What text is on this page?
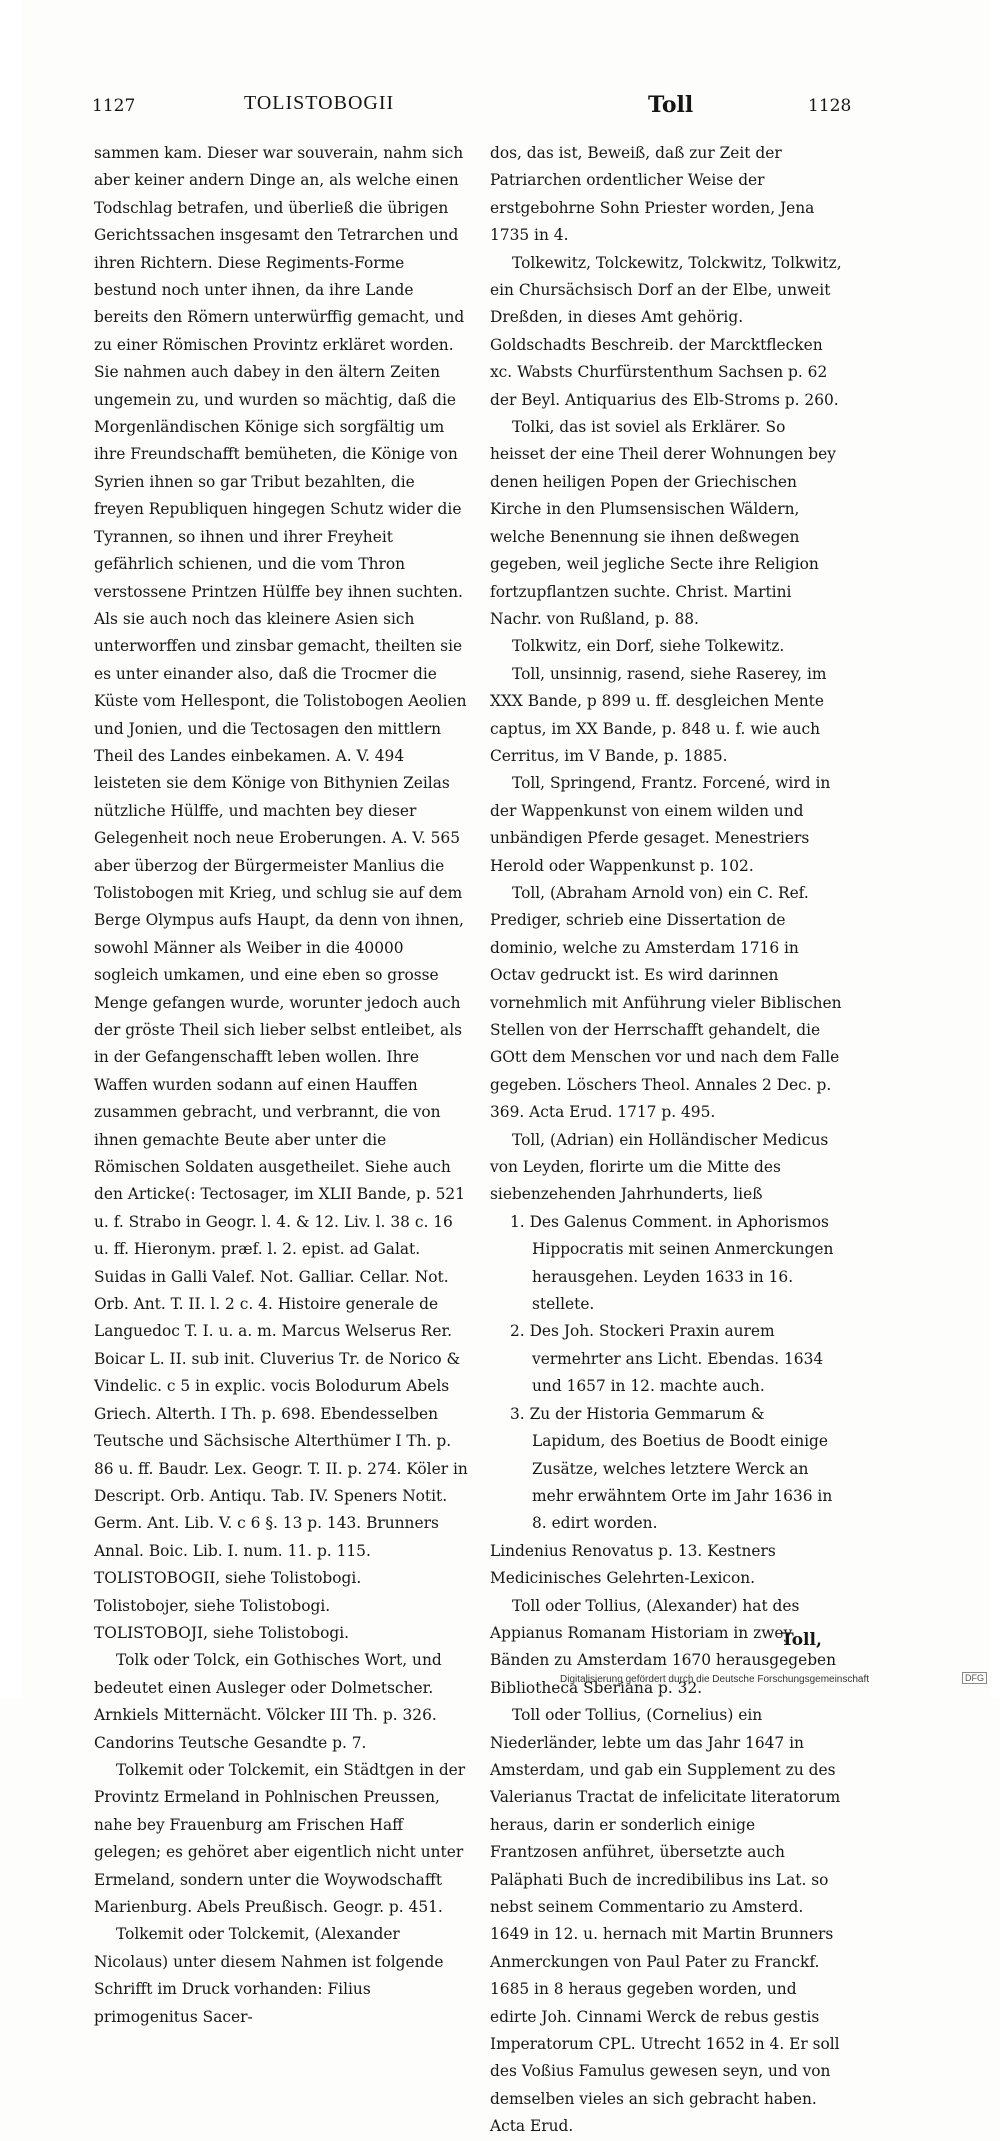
1127	TOLISTOBOGII	Toll	1128

sammen kam. Dieser war souverain, nahm sich aber keiner andern Dinge an, als welche einen Todschlag betrafen, und überließ die übrigen Gerichtssachen insgesamt den Tetrarchen und ihren Richtern. Diese Regiments-Forme bestund noch unter ihnen, da ihre Lande bereits den Römern unterwürffig gemacht, und zu einer Römischen Provintz erkläret worden. Sie nahmen auch dabey in den ältern Zeiten ungemein zu, und wurden so mächtig, daß die Morgenländischen Könige sich sorgfältig um ihre Freundschafft bemüheten, die Könige von Syrien ihnen so gar Tribut bezahlten, die freyen Republiquen hingegen Schutz wider die Tyrannen, so ihnen und ihrer Freyheit gefährlich schienen, und die vom Thron verstossene Printzen Hülffe bey ihnen suchten. Als sie auch noch das kleinere Asien sich unterworffen und zinsbar gemacht, theilten sie es unter einander also, daß die Trocmer die Küste vom Hellespont, die Tolistobogen Aeolien und Jonien, und die Tectosagen den mittlern Theil des Landes einbekamen. A. V. 494 leisteten sie dem Könige von Bithynien Zeilas nützliche Hülffe, und machten bey dieser Gelegenheit noch neue Eroberungen. A. V. 565 aber überzog der Bürgermeister Manlius die Tolistobogen mit Krieg, und schlug sie auf dem Berge Olympus aufs Haupt, da denn von ihnen, sowohl Männer als Weiber in die 40000 sogleich umkamen, und eine eben so grosse Menge gefangen wurde, worunter jedoch auch der gröste Theil sich lieber selbst entleibet, als in der Gefangenschafft leben wollen. Ihre Waffen wurden sodann auf einen Hauffen zusammen gebracht, und verbrannt, die von ihnen gemachte Beute aber unter die Römischen Soldaten ausgetheilet. Siehe auch den Articke(: Tectosager, im XLII Bande, p. 521 u. f. Strabo in Geogr. l. 4. & 12. Liv. l. 38 c. 16 u. ff. Hieronym. præf. l. 2. epist. ad Galat. Suidas in Galli Valef. Not. Galliar. Cellar. Not. Orb. Ant. T. II. l. 2 c. 4. Histoire generale de Languedoc T. I. u. a. m. Marcus Welserus Rer. Boicar L. II. sub init. Cluverius Tr. de Norico & Vindelic. c 5 in explic. vocis Bolodurum Abels Griech. Alterth. I Th. p. 698. Ebendesselben Teutsche und Sächsische Alterthümer I Th. p. 86 u. ff. Baudr. Lex. Geogr. T. II. p. 274. Köler in Descript. Orb. Antiqu. Tab. IV. Speners Notit. Germ. Ant. Lib. V. c 6 §. 13 p. 143. Brunners Annal. Boic. Lib. I. num. 11. p. 115.

TOLISTOBOGII, siehe Tolistobogi.

Tolistobojer, siehe Tolistobogi.

TOLISTOBOJI, siehe Tolistobogi.

Tolk oder Tolck, ein Gothisches Wort, und bedeutet einen Ausleger oder Dolmetscher. Arnkiels Mitternächt. Völcker III Th. p. 326. Candorins Teutsche Gesandte p. 7.

Tolkemit oder Tolckemit, ein Städtgen in der Provintz Ermeland in Pohlnischen Preussen, nahe bey Frauenburg am Frischen Haff gelegen; es gehöret aber eigentlich nicht unter Ermeland, sondern unter die Woywodschafft Marienburg. Abels Preußisch. Geogr. p. 451.

Tolkemit oder Tolckemit, (Alexander Nicolaus) unter diesem Nahmen ist folgende Schrifft im Druck vorhanden: Filius primogenitus Sacer-

dos, das ist, Beweiß, daß zur Zeit der Patriarchen ordentlicher Weise der erstgebohrne Sohn Priester worden, Jena 1735 in 4.

Tolkewitz, Tolckewitz, Tolckwitz, Tolkwitz, ein Chursächsisch Dorf an der Elbe, unweit Dreßden, in dieses Amt gehörig. Goldschadts Beschreib. der Marcktflecken xc. Wabsts Churfürstenthum Sachsen p. 62 der Beyl. Antiquarius des Elb-Stroms p. 260.

Tolki, das ist soviel als Erklärer. So heisset der eine Theil derer Wohnungen bey denen heiligen Popen der Griechischen Kirche in den Plumsensischen Wäldern, welche Benennung sie ihnen deßwegen gegeben, weil jegliche Secte ihre Religion fortzupflantzen suchte. Christ. Martini Nachr. von Rußland, p. 88.

Tolkwitz, ein Dorf, siehe Tolkewitz.

Toll, unsinnig, rasend, siehe Raserey, im XXX Bande, p 899 u. ff. desgleichen Mente captus, im XX Bande, p. 848 u. f. wie auch Cerritus, im V Bande, p. 1885.

Toll, Springend, Frantz. Forcené, wird in der Wappenkunst von einem wilden und unbändigen Pferde gesaget. Menestriers Herold oder Wappenkunst p. 102.

Toll, (Abraham Arnold von) ein C. Ref. Prediger, schrieb eine Dissertation de dominio, welche zu Amsterdam 1716 in Octav gedruckt ist. Es wird darinnen vornehmlich mit Anführung vieler Biblischen Stellen von der Herrschafft gehandelt, die GOtt dem Menschen vor und nach dem Falle gegeben. Löschers Theol. Annales 2 Dec. p. 369. Acta Erud. 1717 p. 495.

Toll, (Adrian) ein Holländischer Medicus von Leyden, florirte um die Mitte des siebenzehenden Jahrhunderts, ließ

1. Des Galenus Comment. in Aphorismos Hippocratis mit seinen Anmerckungen herausgehen. Leyden 1633 in 16. stellete.

2. Des Joh. Stockeri Praxin aurem vermehrter ans Licht. Ebendas. 1634 und 1657 in 12. machte auch.

3. Zu der Historia Gemmarum & Lapidum, des Boetius de Boodt einige Zusätze, welches letztere Werck an mehr erwähntem Orte im Jahr 1636 in 8. edirt worden.

Lindenius Renovatus p. 13. Kestners Medicinisches Gelehrten-Lexicon.

Toll oder Tollius, (Alexander) hat des Appianus Romanam Historiam in zwey Bänden zu Amsterdam 1670 herausgegeben Bibliotheca Sberiana p. 32.

Toll oder Tollius, (Cornelius) ein Niederländer, lebte um das Jahr 1647 in Amsterdam, und gab ein Supplement zu des Valerianus Tractat de infelicitate literatorum heraus, darin er sonderlich einige Frantzosen anführet, übersetzte auch Paläphati Buch de incredibilibus ins Lat. so nebst seinem Commentario zu Amsterd. 1649 in 12. u. hernach mit Martin Brunners Anmerckungen von Paul Pater zu Franckf. 1685 in 8 heraus gegeben worden, und edirte Joh. Cinnami Werck de rebus gestis Imperatorum CPL. Utrecht 1652 in 4. Er soll des Voßius Famulus gewesen seyn, und von demselben vieles an sich gebracht haben. Acta Erud.

Toll,
Digitalisierung gefördert durch die Deutsche Forschungsgemeinschaft	DFG
